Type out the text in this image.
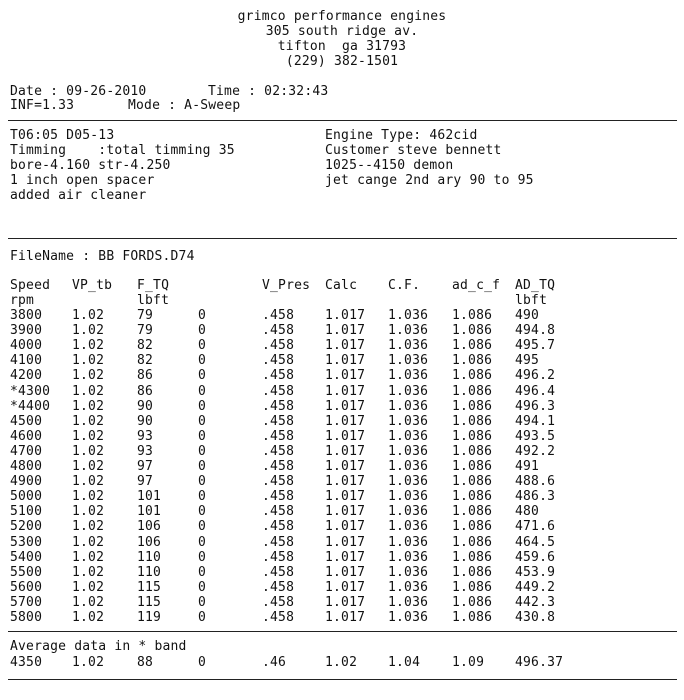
grimco performance engines
305 south ridge av.
tifton  ga 31793
(229) 382-1501
Date : 09-26-2010	Time : 02:32:43
INF=1.33	Mode : A-Sweep
T06:05 D05-13
Timming    :total timming 35
bore-4.160 str-4.250
1 inch open spacer
added air cleaner
Engine Type: 462cid
Customer steve bennett
1025--4150 demon
jet cange 2nd ary 90 to 95
FileName : BB FORDS.D74
Speed VP_tb F_TQ	V_Pres Calc C.F. ad_c_f AD_TQ
rpm	lbft	lbft
3800 1.02	79	0	.458 1.017 1.036 1.086 490
3900 1.02	79	0	.458 1.017 1.036 1.086 494.8
4000 1.02	82	0	.458 1.017 1.036 1.086 495.7
4100 1.02	82	0	.458 1.017 1.036 1.086 495
4200 1.02	86	0	.458 1.017 1.036 1.086 496.2
*4300 1.02	86	0	.458 1.017 1.036 1.086 496.4
*4400 1.02	90	0	.458 1.017 1.036 1.086 496.3
4500 1.02	90	0	.458 1.017 1.036 1.086 494.1
4600 1.02	93	0	.458 1.017 1.036 1.086 493.5
4700 1.02	93	0	.458 1.017 1.036 1.086 492.2
4800 1.02	97	0	.458 1.017 1.036 1.086 491
4900 1.02	97	0	.458 1.017 1.036 1.086 488.6
5000 1.02	101	0	.458 1.017 1.036 1.086 486.3
5100 1.02	101	0	.458 1.017 1.036 1.086 480
5200 1.02	106	0	.458 1.017 1.036 1.086 471.6
5300 1.02	106	0	.458 1.017 1.036 1.086 464.5
5400 1.02	110	0	.458 1.017 1.036 1.086 459.6
5500 1.02	110	0	.458 1.017 1.036 1.086 453.9
5600 1.02	115	0	.458 1.017 1.036 1.086 449.2
5700 1.02	115	0	.458 1.017 1.036 1.086 442.3
5800 1.02	119	0	.458 1.017 1.036 1.086 430.8
Average data in * band
4350 1.02	88	0	.46	1.02 1.04 1.09 496.37
